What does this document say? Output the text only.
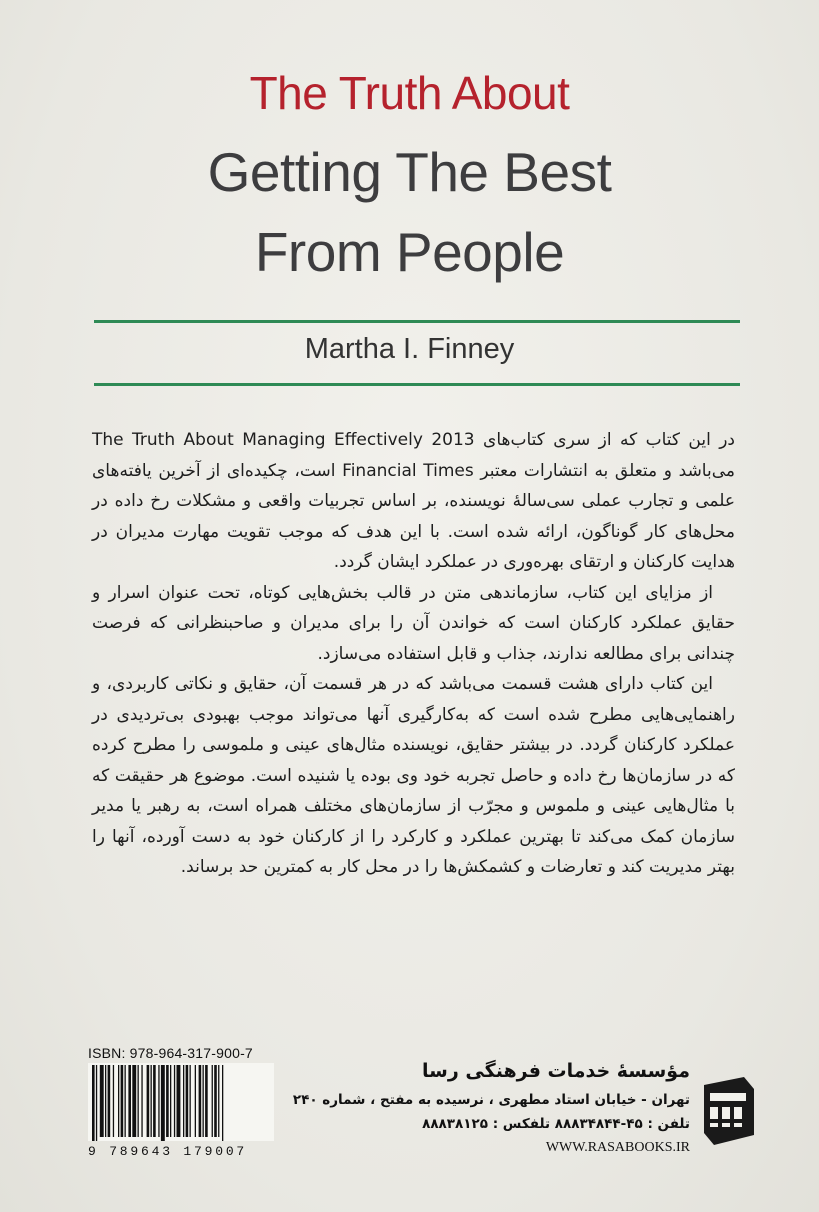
The Truth About
Getting The Best
From People
Martha I. Finney

در این کتاب که از سری کتاب‌های The Truth About Managing Effectively 2013 می‌باشد و متعلق به انتشارات معتبر Financial Times است، چکیده‌ای از آخرین یافته‌های علمی و تجارب عملی سی‌سالهٔ نویسنده، بر اساس تجربیات واقعی و مشکلات رخ داده در محل‌های کار گوناگون، ارائه شده است. با این هدف که موجب تقویت مهارت مدیران در هدایت کارکنان و ارتقای بهره‌وری در عملکرد ایشان گردد.

از مزایای این کتاب، سازماندهی متن در قالب بخش‌هایی کوتاه، تحت عنوان اسرار و حقایق عملکرد کارکنان است که خواندن آن را برای مدیران و صاحبنظرانی که فرصت چندانی برای مطالعه ندارند، جذاب و قابل استفاده می‌سازد.

این کتاب دارای هشت قسمت می‌باشد که در هر قسمت آن، حقایق و نکاتی کاربردی، و راهنمایی‌هایی مطرح شده است که به‌کارگیری آنها می‌تواند موجب بهبودی بی‌تردیدی در عملکرد کارکنان گردد. در بیشتر حقایق، نویسنده مثال‌های عینی و ملموسی را مطرح کرده که در سازمان‌ها رخ داده و حاصل تجربه خود وی بوده یا شنیده است. موضوع هر حقیقت که با مثال‌هایی عینی و ملموس و مجرّب از سازمان‌های مختلف همراه است، به رهبر یا مدیر سازمان کمک می‌کند تا بهترین عملکرد و کارکرد را از کارکنان خود به دست آورده، آنها را بهتر مدیریت کند و تعارضات و کشمکش‌ها را در محل کار به کمترین حد برساند.

ISBN: 978-964-317-900-7
9 789643 179007
مؤسسهٔ خدمات فرهنگی رسا
تهران - خیابان استاد مطهری ، نرسیده به مفتح ، شماره ۲۴۰
تلفن : ۴۵-۸۸۸۳۴۸۴۴ تلفکس : ۸۸۸۳۸۱۲۵
WWW.RASABOOKS.IR
